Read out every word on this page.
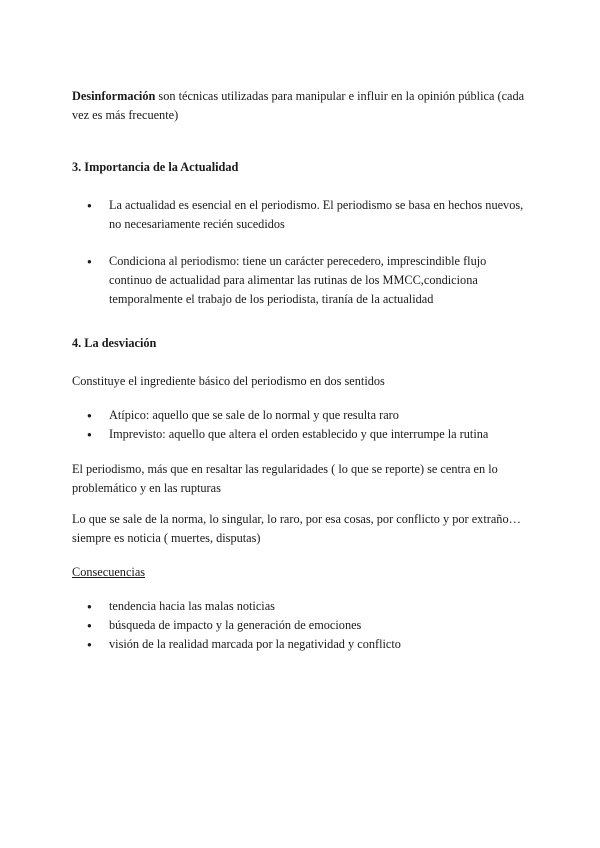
Desinformación son técnicas utilizadas para manipular e influir en la opinión pública (cada vez es más frecuente)

3. Importancia de la Actualidad

● La actualidad es esencial en el periodismo. El periodismo se basa en hechos nuevos, no necesariamente recién sucedidos
● Condiciona al periodismo: tiene un carácter perecedero, imprescindible flujo continuo de actualidad para alimentar las rutinas de los MMCC,condiciona temporalmente el trabajo de los periodista, tiranía de la actualidad

4. La desviación

Constituye el ingrediente básico del periodismo en dos sentidos

● Atípico: aquello que se sale de lo normal y que resulta raro
● Imprevisto: aquello que altera el orden establecido y que interrumpe la rutina

El periodismo, más que en resaltar las regularidades ( lo que se reporte) se centra en lo problemático y en las rupturas

Lo que se sale de la norma, lo singular, lo raro, por esa cosas, por conflicto y por extraño… siempre es noticia ( muertes, disputas)

Consecuencias

● tendencia hacia las malas noticias
● búsqueda de impacto y la generación de emociones
● visión de la realidad marcada por la negatividad y conflicto
